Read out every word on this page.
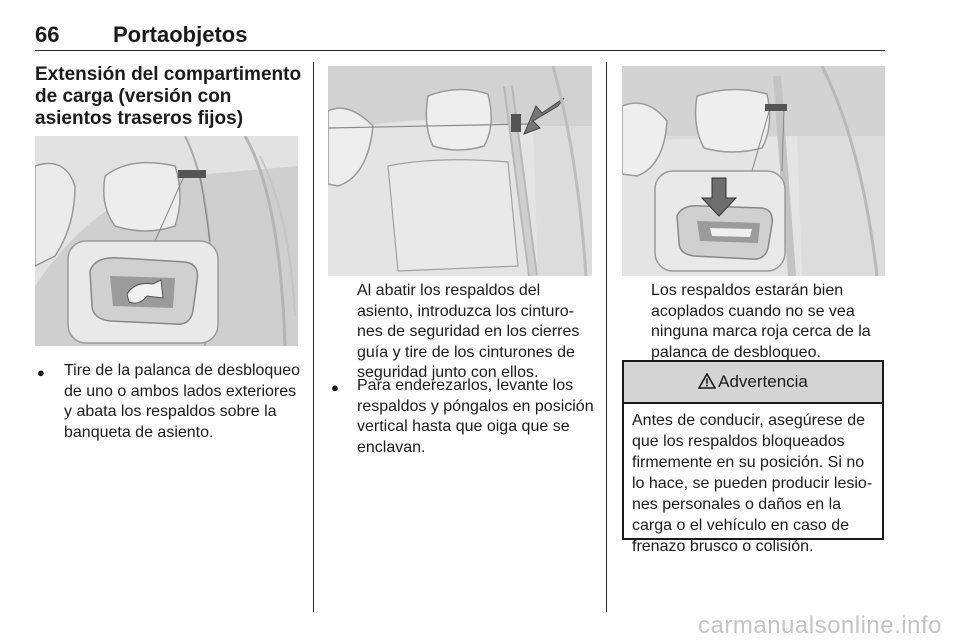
66 Portaobjetos
Extensión del compartimento de carga (versión con asientos traseros fijos)
● Tire de la palanca de desbloqueo de uno o ambos lados exteriores y abata los respaldos sobre la banqueta de asiento.
Al abatir los respaldos del asiento, introduzca los cinturo-nes de seguridad en los cierres guía y tire de los cinturones de seguridad junto con ellos.
● Para enderezarlos, levante los respaldos y póngalos en posición vertical hasta que oiga que se enclavan.
Los respaldos estarán bien acoplados cuando no se vea ninguna marca roja cerca de la palanca de desbloqueo.
Advertencia
Antes de conducir, asegúrese de que los respaldos bloqueados firmemente en su posición. Si no lo hace, se pueden producir lesio-nes personales o daños en la carga o el vehículo en caso de frenazo brusco o colisión.
carmanualsonline.info
